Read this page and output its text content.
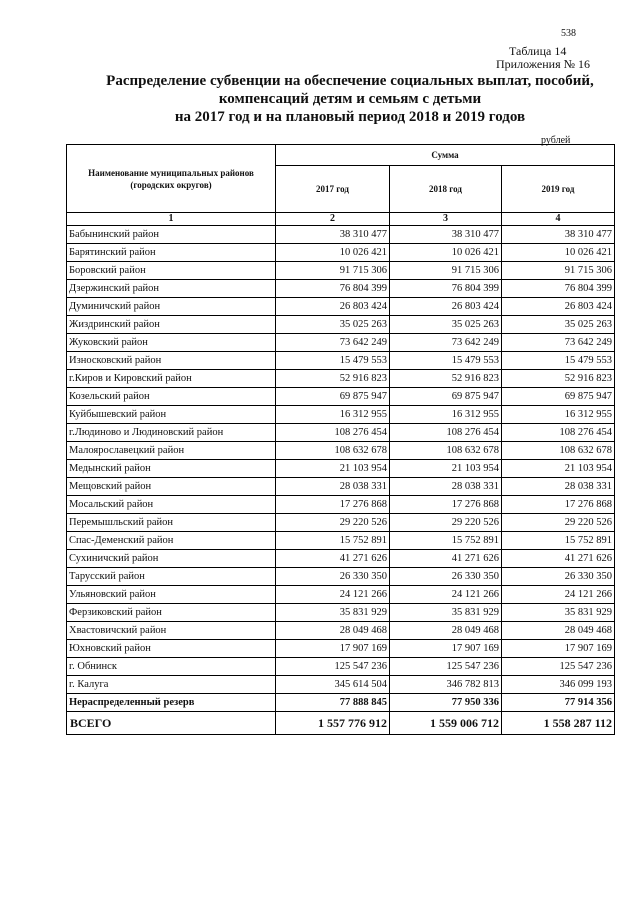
538
Таблица 14
Приложения № 16
Распределение субвенции на обеспечение социальных выплат, пособий,
компенсаций детям и семьям с детьми
на 2017 год и на плановый период 2018 и 2019 годов
рублей
Наименование муниципальных районов (городских округов)	Сумма		
	2017 год	2018 год	2019 год
1	2	3	4
Бабынинский район	38 310 477	38 310 477	38 310 477
Барятинский район	10 026 421	10 026 421	10 026 421
Боровский район	91 715 306	91 715 306	91 715 306
Дзержинский район	76 804 399	76 804 399	76 804 399
Думиничский район	26 803 424	26 803 424	26 803 424
Жиздринский район	35 025 263	35 025 263	35 025 263
Жуковский район	73 642 249	73 642 249	73 642 249
Износковский район	15 479 553	15 479 553	15 479 553
г.Киров и Кировский район	52 916 823	52 916 823	52 916 823
Козельский район	69 875 947	69 875 947	69 875 947
Куйбышевский район	16 312 955	16 312 955	16 312 955
г.Людиново и Людиновский район	108 276 454	108 276 454	108 276 454
Малоярославецкий район	108 632 678	108 632 678	108 632 678
Медынский район	21 103 954	21 103 954	21 103 954
Мещовский район	28 038 331	28 038 331	28 038 331
Мосальский район	17 276 868	17 276 868	17 276 868
Перемышльский район	29 220 526	29 220 526	29 220 526
Спас-Деменский район	15 752 891	15 752 891	15 752 891
Сухиничский район	41 271 626	41 271 626	41 271 626
Тарусский район	26 330 350	26 330 350	26 330 350
Ульяновский район	24 121 266	24 121 266	24 121 266
Ферзиковский район	35 831 929	35 831 929	35 831 929
Хвастовичский район	28 049 468	28 049 468	28 049 468
Юхновский район	17 907 169	17 907 169	17 907 169
г. Обнинск	125 547 236	125 547 236	125 547 236
г. Калуга	345 614 504	346 782 813	346 099 193
Нераспределенный резерв	77 888 845	77 950 336	77 914 356
ВСЕГО	1 557 776 912	1 559 006 712	1 558 287 112
